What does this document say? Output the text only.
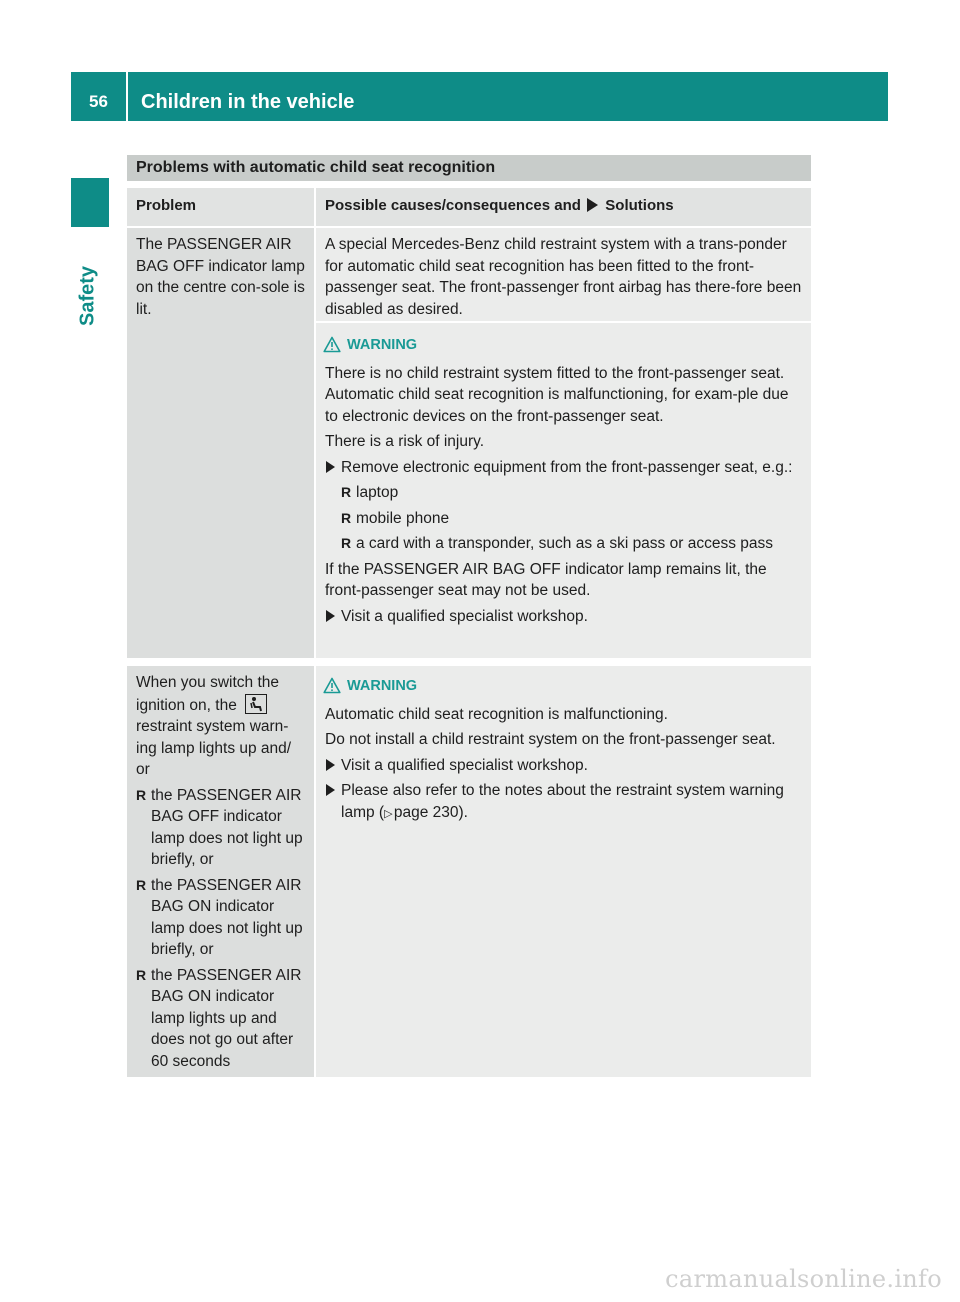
56	Children in the vehicle
Safety
Problems with automatic child seat recognition
Problem	Possible causes/consequences and Solutions

The PASSENGER AIR BAG OFF indicator lamp on the centre con-sole is lit.

A special Mercedes-Benz child restraint system with a trans-ponder for automatic child seat recognition has been fitted to the front-passenger seat. The front-passenger front airbag has there-fore been disabled as desired.

WARNING

There is no child restraint system fitted to the front-passenger seat. Automatic child seat recognition is malfunctioning, for exam-ple due to electronic devices on the front-passenger seat.

There is a risk of injury.

Remove electronic equipment from the front-passenger seat, e.g.:
R laptop
R mobile phone
R a card with a transponder, such as a ski pass or access pass

If the PASSENGER AIR BAG OFF indicator lamp remains lit, the front-passenger seat may not be used.

Visit a qualified specialist workshop.

When you switch the ignition on, the
restraint system warn-ing lamp lights up and/ or

R the PASSENGER AIR BAG OFF indicator lamp does not light up briefly, or
R the PASSENGER AIR BAG ON indicator lamp does not light up briefly, or
R the PASSENGER AIR BAG ON indicator lamp lights up and does not go out after 60 seconds
WARNING

Automatic child seat recognition is malfunctioning.

Do not install a child restraint system on the front-passenger seat.

Visit a qualified specialist workshop.
Please also refer to the notes about the restraint system warning lamp (▷ page 230).
carmanualsonline.info
